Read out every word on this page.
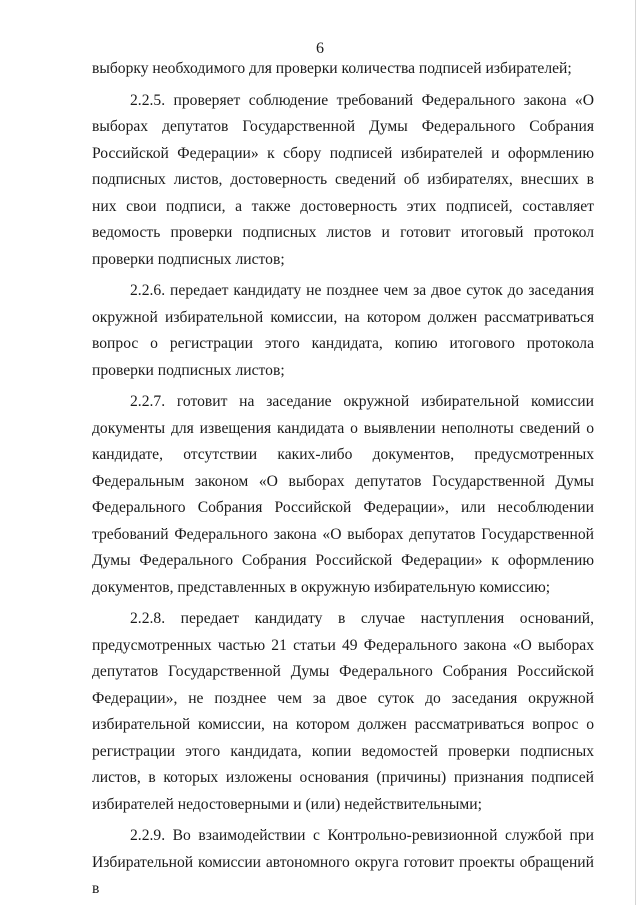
6

выборку необходимого для проверки количества подписей избирателей;

2.2.5. проверяет соблюдение требований Федерального закона «О выборах депутатов Государственной Думы Федерального Собрания Российской Федерации» к сбору подписей избирателей и оформлению подписных листов, достоверность сведений об избирателях, внесших в них свои подписи, а также достоверность этих подписей, составляет ведомость проверки подписных листов и готовит итоговый протокол проверки подписных листов;

2.2.6. передает кандидату не позднее чем за двое суток до заседания окружной избирательной комиссии, на котором должен рассматриваться вопрос о регистрации этого кандидата, копию итогового протокола проверки подписных листов;

2.2.7. готовит на заседание окружной избирательной комиссии документы для извещения кандидата о выявлении неполноты сведений о кандидате, отсутствии каких-либо документов, предусмотренных Федеральным законом «О выборах депутатов Государственной Думы Федерального Собрания Российской Федерации», или несоблюдении требований Федерального закона «О выборах депутатов Государственной Думы Федерального Собрания Российской Федерации» к оформлению документов, представленных в окружную избирательную комиссию;

2.2.8. передает кандидату в случае наступления оснований, предусмотренных частью 21 статьи 49 Федерального закона «О выборах депутатов Государственной Думы Федерального Собрания Российской Федерации», не позднее чем за двое суток до заседания окружной избирательной комиссии, на котором должен рассматриваться вопрос о регистрации этого кандидата, копии ведомостей проверки подписных листов, в которых изложены основания (причины) признания подписей избирателей недостоверными и (или) недействительными;

2.2.9. Во взаимодействии с Контрольно-ревизионной службой при Избирательной комиссии автономного округа готовит проекты обращений в
